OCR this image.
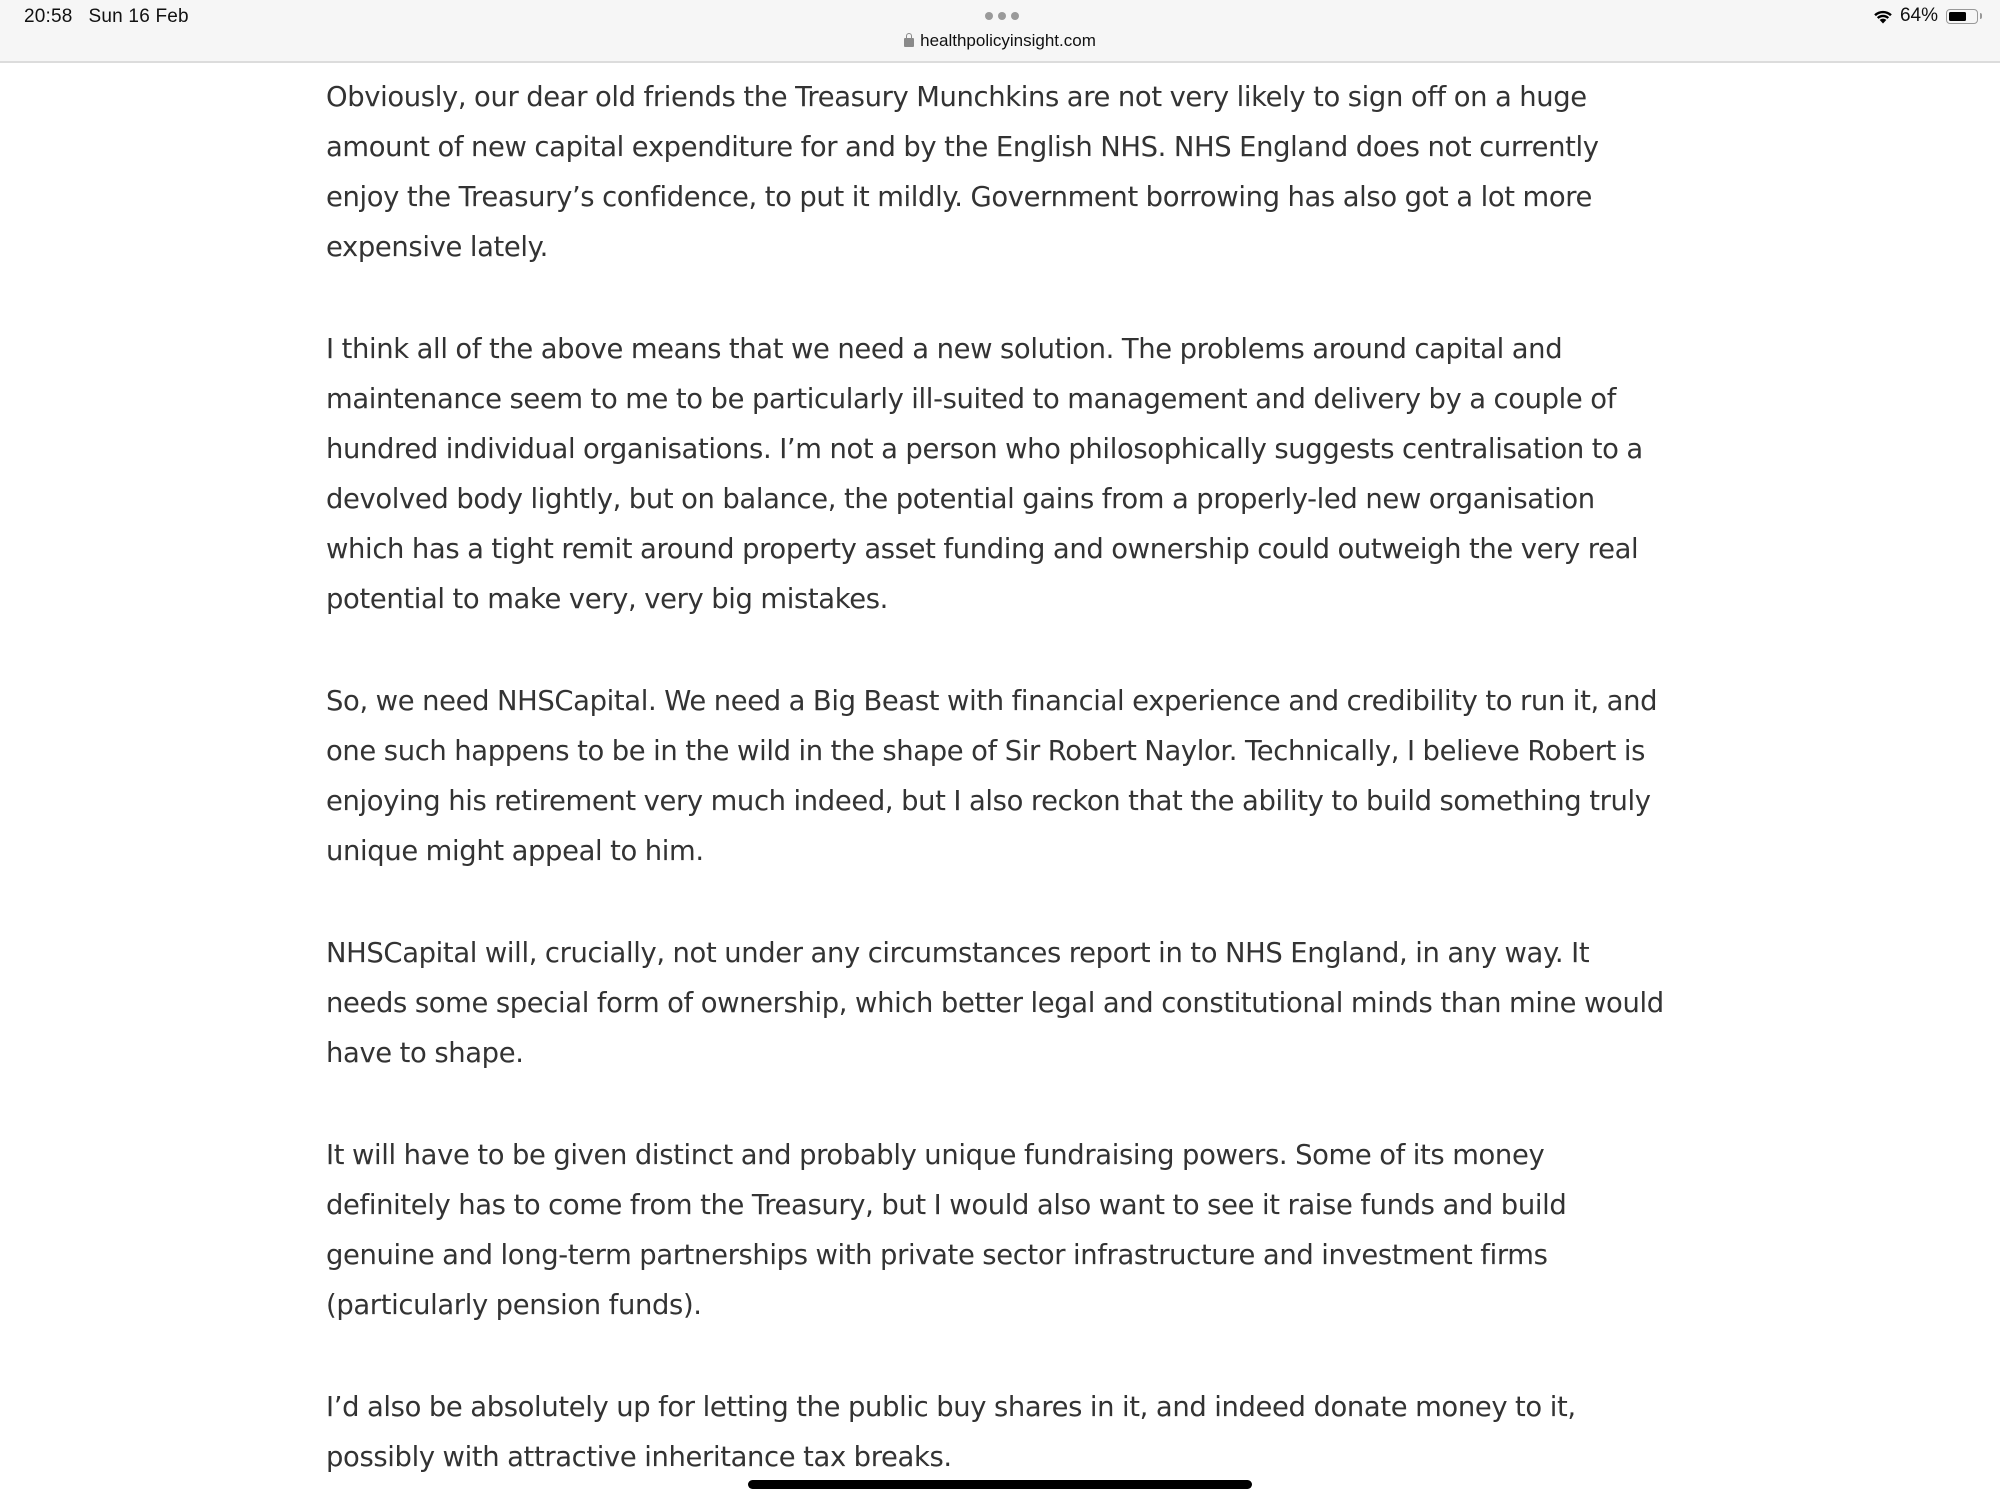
20:58 Sun 16 Feb
healthpolicyinsight.com
64%

Obviously, our dear old friends the Treasury Munchkins are not very likely to sign off on a huge amount of new capital expenditure for and by the English NHS. NHS England does not currently enjoy the Treasury’s confidence, to put it mildly. Government borrowing has also got a lot more expensive lately.

I think all of the above means that we need a new solution. The problems around capital and maintenance seem to me to be particularly ill-suited to management and delivery by a couple of hundred individual organisations. I’m not a person who philosophically suggests centralisation to a devolved body lightly, but on balance, the potential gains from a properly-led new organisation which has a tight remit around property asset funding and ownership could outweigh the very real potential to make very, very big mistakes.

So, we need NHSCapital. We need a Big Beast with financial experience and credibility to run it, and one such happens to be in the wild in the shape of Sir Robert Naylor. Technically, I believe Robert is enjoying his retirement very much indeed, but I also reckon that the ability to build something truly unique might appeal to him.

NHSCapital will, crucially, not under any circumstances report in to NHS England, in any way. It needs some special form of ownership, which better legal and constitutional minds than mine would have to shape.

It will have to be given distinct and probably unique fundraising powers. Some of its money definitely has to come from the Treasury, but I would also want to see it raise funds and build genuine and long-term partnerships with private sector infrastructure and investment firms (particularly pension funds).

I’d also be absolutely up for letting the public buy shares in it, and indeed donate money to it, possibly with attractive inheritance tax breaks.
